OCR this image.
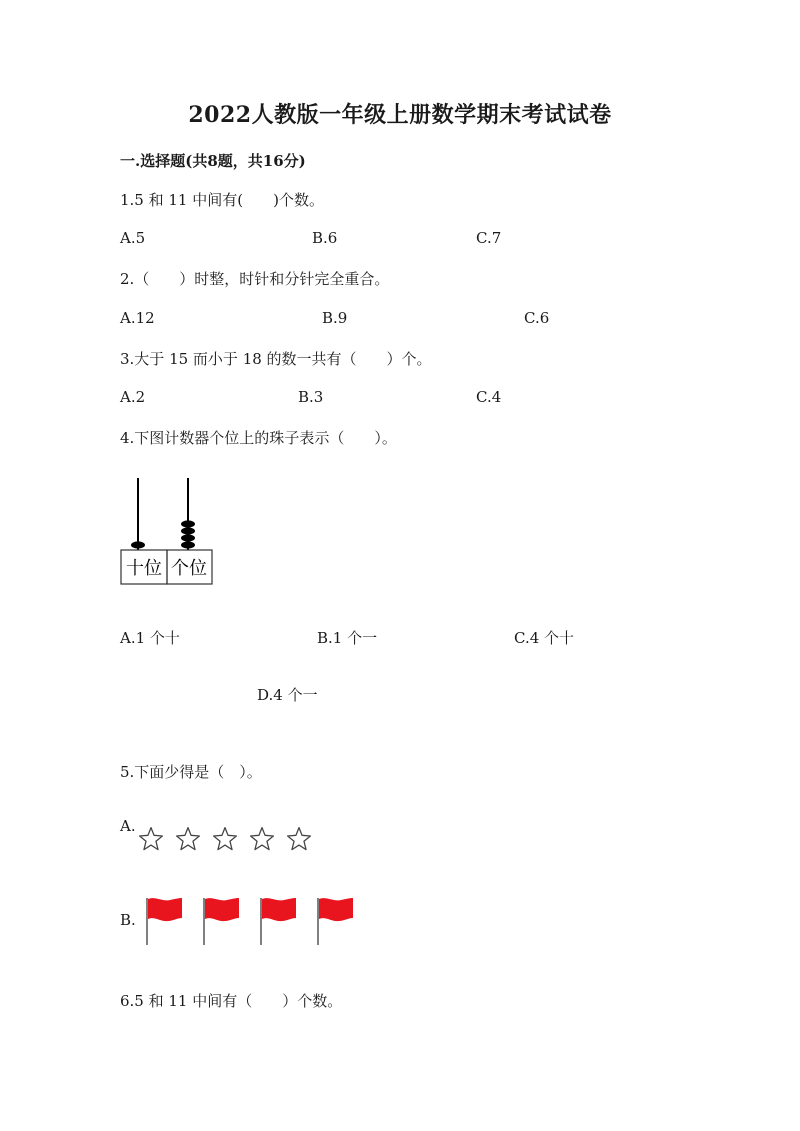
2022人教版一年级上册数学期末考试试卷
一.选择题(共8题，共16分)
1.5 和 11 中间有(　　)个数。
A.5	B.6	C.7
2.（　　）时整，时针和分针完全重合。
A.12	B.9	C.6
3.大于 15 而小于 18 的数一共有（　　）个。
A.2	B.3	C.4
4.下图计数器个位上的珠子表示（　　）。
十位 个位
A.1 个十	B.1 个一	C.4 个十
D.4 个一
5.下面少得是（　）。
A.
B.
6.5 和 11 中间有（　　）个数。
